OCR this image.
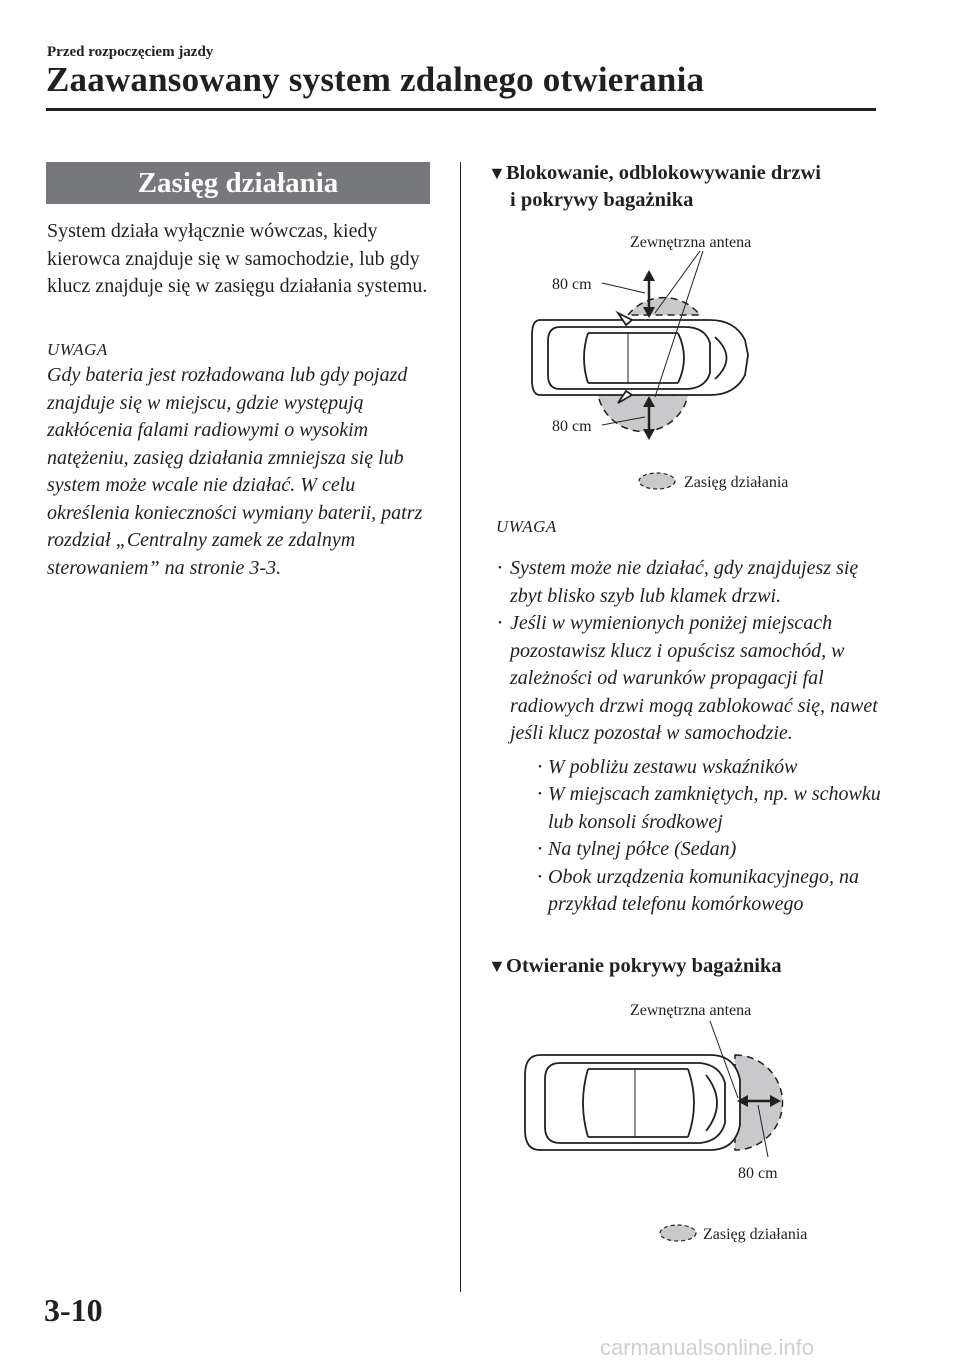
Przed rozpoczęciem jazdy
Zaawansowany system zdalnego otwierania
Zasięg działania
System działa wyłącznie wówczas, kiedy kierowca znajduje się w samochodzie, lub gdy klucz znajduje się w zasięgu działania systemu.
UWAGA
Gdy bateria jest rozładowana lub gdy pojazd znajduje się w miejscu, gdzie występują zakłócenia falami radiowymi o wysokim natężeniu, zasięg działania zmniejsza się lub system może wcale nie działać. W celu określenia konieczności wymiany baterii, patrz rozdział „Centralny zamek ze zdalnym sterowaniem” na stronie 3-3.
▼Blokowanie, odblokowywanie drzwi
i pokrywy bagażnika
Zewnętrzna antena
80 cm
80 cm
Zasięg działania
UWAGA
• System może nie działać, gdy znajdujesz się zbyt blisko szyb lub klamek drzwi.
• Jeśli w wymienionych poniżej miejscach pozostawisz klucz i opuścisz samochód, w zależności od warunków propagacji fal radiowych drzwi mogą zablokować się, nawet jeśli klucz pozostał w samochodzie.
• W pobliżu zestawu wskaźników
• W miejscach zamkniętych, np. w schowku lub konsoli środkowej
• Na tylnej półce (Sedan)
• Obok urządzenia komunikacyjnego, na przykład telefonu komórkowego
▼Otwieranie pokrywy bagażnika
Zewnętrzna antena
80 cm
Zasięg działania
3-10
carmanualsonline.info
